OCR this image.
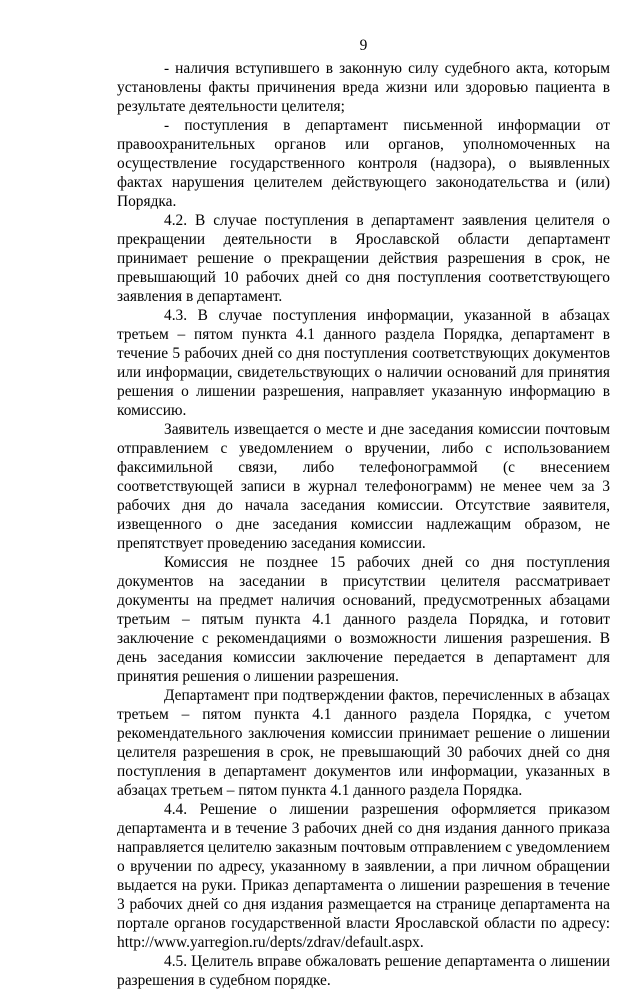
9

- наличия вступившего в законную силу судебного акта, которым установлены факты причинения вреда жизни или здоровью пациента в результате деятельности целителя;

- поступления в департамент письменной информации от правоохранительных органов или органов, уполномоченных на осуществление государственного контроля (надзора), о выявленных фактах нарушения целителем действующего законодательства и (или) Порядка.

4.2. В случае поступления в департамент заявления целителя о прекращении деятельности в Ярославской области департамент принимает решение о прекращении действия разрешения в срок, не превышающий 10 рабочих дней со дня поступления соответствующего заявления в департамент.

4.3. В случае поступления информации, указанной в абзацах третьем – пятом пункта 4.1 данного раздела Порядка, департамент в течение 5 рабочих дней со дня поступления соответствующих документов или информации, свидетельствующих о наличии оснований для принятия решения о лишении разрешения, направляет указанную информацию в комиссию.

Заявитель извещается о месте и дне заседания комиссии почтовым отправлением с уведомлением о вручении, либо с использованием факсимильной связи, либо телефонограммой (с внесением соответствующей записи в журнал телефонограмм) не менее чем за 3 рабочих дня до начала заседания комиссии. Отсутствие заявителя, извещенного о дне заседания комиссии надлежащим образом, не препятствует проведению заседания комиссии.

Комиссия не позднее 15 рабочих дней со дня поступления документов на заседании в присутствии целителя рассматривает документы на предмет наличия оснований, предусмотренных абзацами третьим – пятым пункта 4.1 данного раздела Порядка, и готовит заключение с рекомендациями о возможности лишения разрешения. В день заседания комиссии заключение передается в департамент для принятия решения о лишении разрешения.

Департамент при подтверждении фактов, перечисленных в абзацах третьем – пятом пункта 4.1 данного раздела Порядка, с учетом рекомендательного заключения комиссии принимает решение о лишении целителя разрешения в срок, не превышающий 30 рабочих дней со дня поступления в департамент документов или информации, указанных в абзацах третьем – пятом пункта 4.1 данного раздела Порядка.

4.4. Решение о лишении разрешения оформляется приказом департамента и в течение 3 рабочих дней со дня издания данного приказа направляется целителю заказным почтовым отправлением с уведомлением о вручении по адресу, указанному в заявлении, а при личном обращении выдается на руки. Приказ департамента о лишении разрешения в течение 3 рабочих дней со дня издания размещается на странице департамента на портале органов государственной власти Ярославской области по адресу: http://www.yarregion.ru/depts/zdrav/default.aspx.

4.5. Целитель вправе обжаловать решение департамента о лишении разрешения в судебном порядке.
